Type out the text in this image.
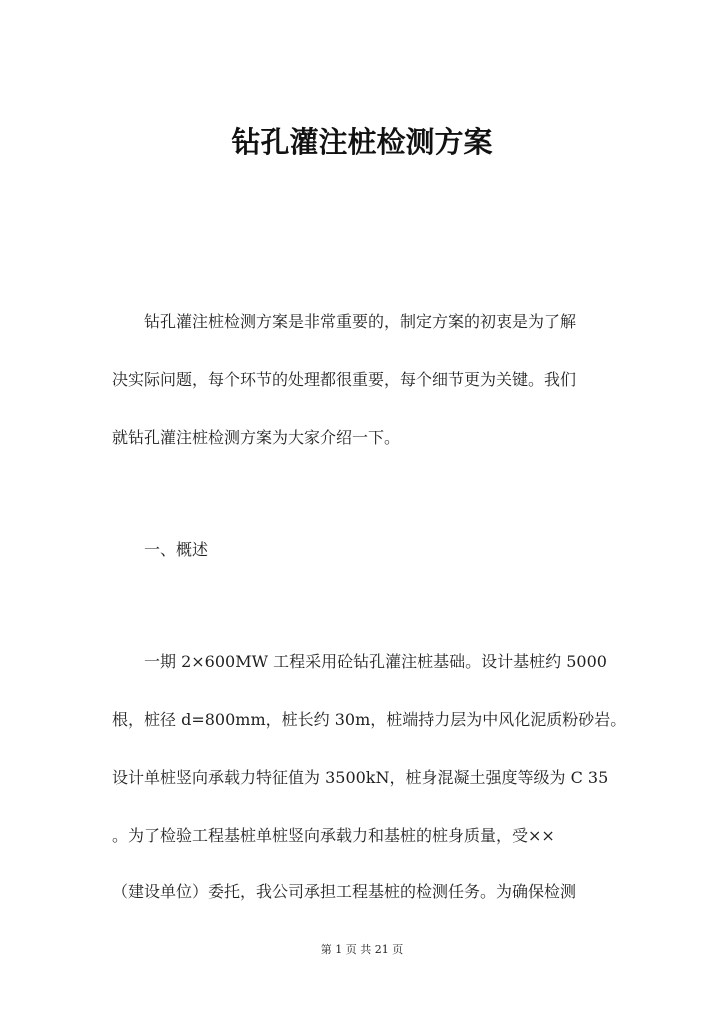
钻孔灌注桩检测方案
钻孔灌注桩检测方案是非常重要的，制定方案的初衷是为了解
决实际问题，每个环节的处理都很重要，每个细节更为关键。我们
就钻孔灌注桩检测方案为大家介绍一下。
一、概述
一期 2×600MW 工程采用砼钻孔灌注桩基础。设计基桩约 5000
根，桩径 d=800mm，桩长约 30m，桩端持力层为中风化泥质粉砂岩。
设计单桩竖向承载力特征值为 3500kN，桩身混凝土强度等级为 C 35
。为了检验工程基桩单桩竖向承载力和基桩的桩身质量，受××
（建设单位）委托，我公司承担工程基桩的检测任务。为确保检测
第 1 页 共 21 页
